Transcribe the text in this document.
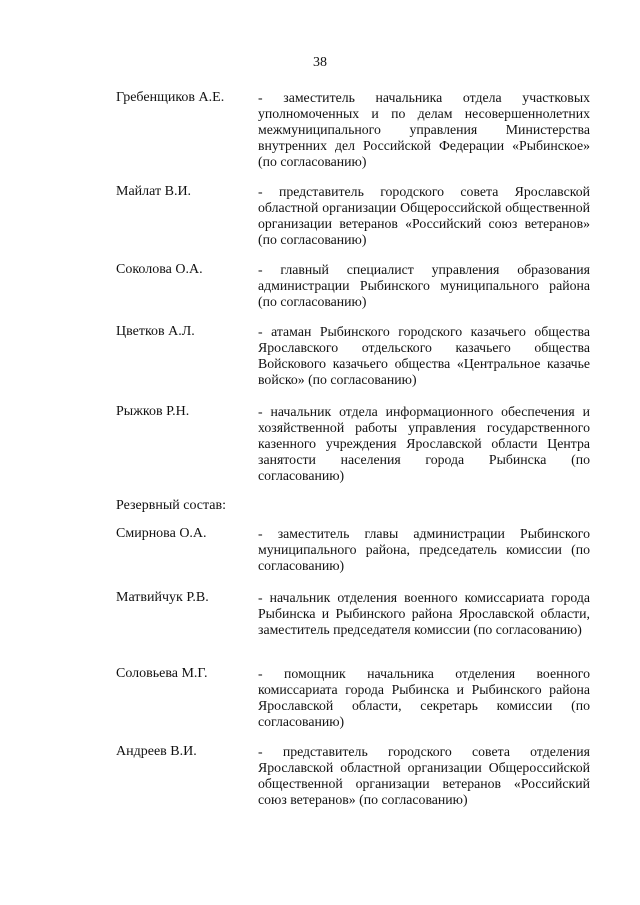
38
Гребенщиков А.Е. - заместитель начальника отдела участковых уполномоченных и по делам несовершеннолетних межмуниципального управления Министерства внутренних дел Российской Федерации «Рыбинское» (по согласованию)
Майлат В.И.	- представитель городского совета Ярославской областной организации Общероссийской общественной организации ветеранов «Российский союз ветеранов» (по согласованию)
Соколова О.А.	- главный специалист управления образования администрации Рыбинского муниципального района (по согласованию)
Цветков А.Л.	- атаман Рыбинского городского казачьего общества Ярославского отдельского казачьего общества Войскового казачьего общества «Центральное казачье войско» (по согласованию)
Рыжков Р.Н.	- начальник отдела информационного обеспечения и хозяйственной работы управления государственного казенного учреждения Ярославской области Центра занятости населения города Рыбинска (по согласованию)
Резервный состав:
Смирнова О.А.	- заместитель главы администрации Рыбинского муниципального района, председатель комиссии (по согласованию)
Матвийчук Р.В.	- начальник отделения военного комиссариата города Рыбинска и Рыбинского района Ярославской области, заместитель председателя комиссии (по согласованию)
Соловьева М.Г.	- помощник начальника отделения военного комиссариата города Рыбинска и Рыбинского района Ярославской области, секретарь комиссии (по согласованию)
Андреев В.И.	- представитель городского совета отделения Ярославской областной организации Общероссийской общественной организации ветеранов «Российский союз ветеранов» (по согласованию)
